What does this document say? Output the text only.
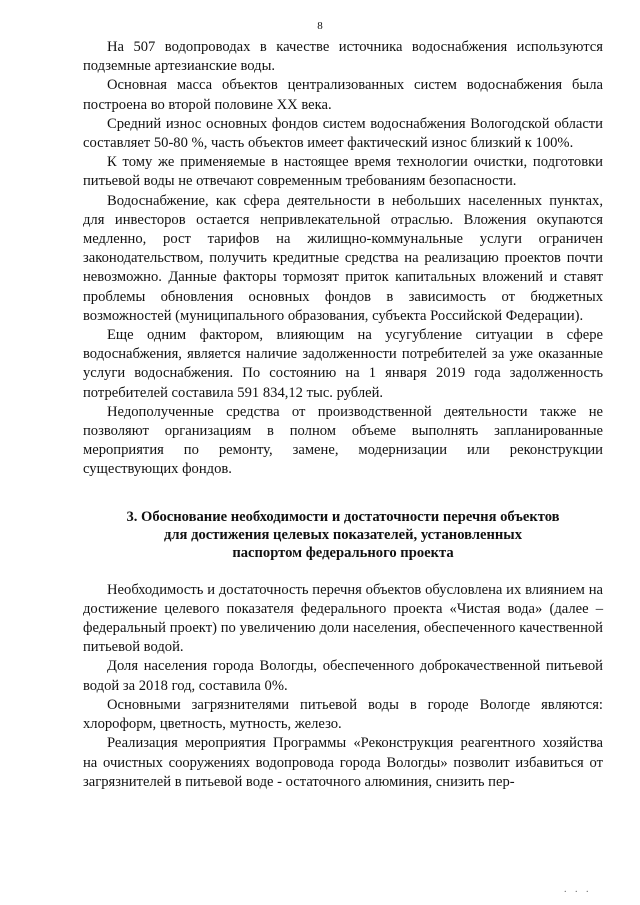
8

На 507 водопроводах в качестве источника водоснабжения используются подземные артезианские воды.

Основная масса объектов централизованных систем водоснабжения была построена во второй половине XX века.

Средний износ основных фондов систем водоснабжения Вологодской области составляет 50-80 %, часть объектов имеет фактический износ близкий к 100%.

К тому же применяемые в настоящее время технологии очистки, подготовки питьевой воды не отвечают современным требованиям безопасности.

Водоснабжение, как сфера деятельности в небольших населенных пунктах, для инвесторов остается непривлекательной отраслью. Вложения окупаются медленно, рост тарифов на жилищно-коммунальные услуги ограничен законодательством, получить кредитные средства на реализацию проектов почти невозможно. Данные факторы тормозят приток капитальных вложений и ставят проблемы обновления основных фондов в зависимость от бюджетных возможностей (муниципального образования, субъекта Российской Федерации).

Еще одним фактором, влияющим на усугубление ситуации в сфере водоснабжения, является наличие задолженности потребителей за уже оказанные услуги водоснабжения. По состоянию на 1 января 2019 года задолженность потребителей составила 591 834,12 тыс. рублей.

Недополученные средства от производственной деятельности также не позволяют организациям в полном объеме выполнять запланированные мероприятия по ремонту, замене, модернизации или реконструкции существующих фондов.

3. Обоснование необходимости и достаточности перечня объектов
для достижения целевых показателей, установленных
паспортом федерального проекта

Необходимость и достаточность перечня объектов обусловлена их влиянием на достижение целевого показателя федерального проекта «Чистая вода» (далее – федеральный проект) по увеличению доли населения, обеспеченного качественной питьевой водой.

Доля населения города Вологды, обеспеченного доброкачественной питьевой водой за 2018 год, составила 0%.

Основными загрязнителями питьевой воды в городе Вологде являются: хлороформ, цветность, мутность, железо.

Реализация мероприятия Программы «Реконструкция реагентного хозяйства на очистных сооружениях водопровода города Вологды» позволит избавиться от загрязнителей в питьевой воде - остаточного алюминия, снизить пер-

. . .
